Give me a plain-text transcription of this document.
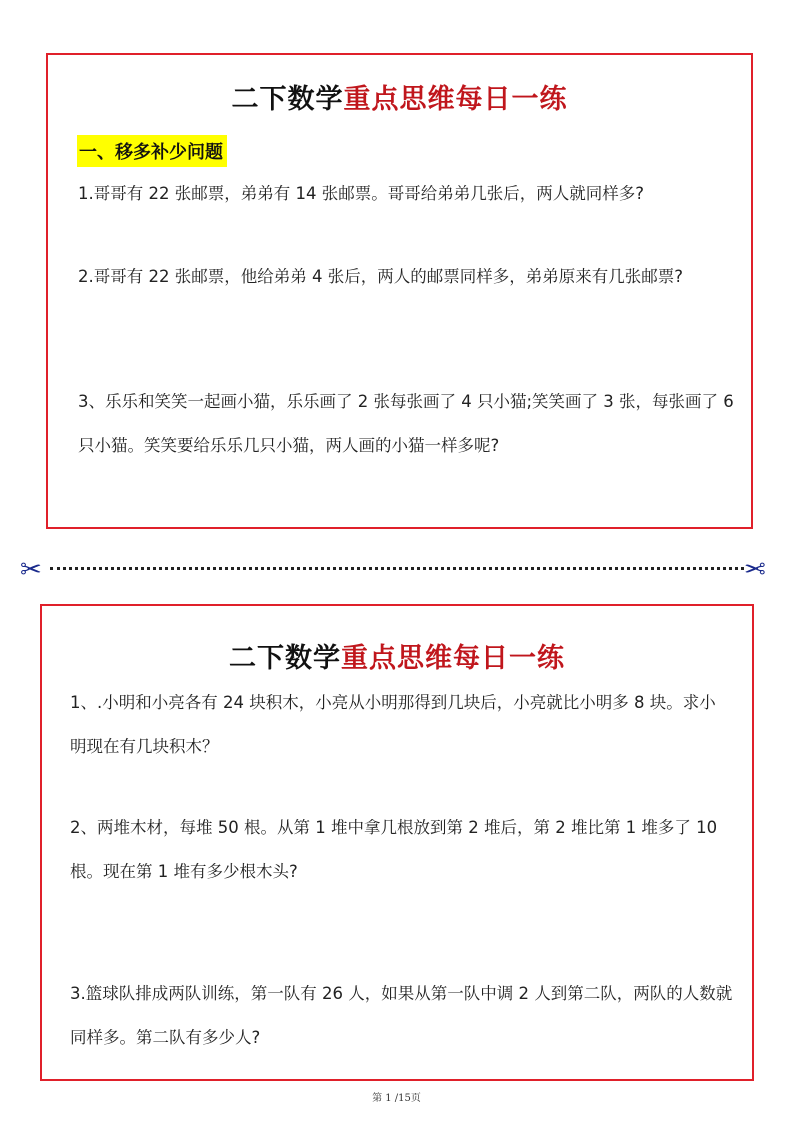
二下数学重点思维每日一练
一、移多补少问题

1.哥哥有 22 张邮票，弟弟有 14 张邮票。哥哥给弟弟几张后，两人就同样多?

2.哥哥有 22 张邮票，他给弟弟 4 张后，两人的邮票同样多，弟弟原来有几张邮票?

3、乐乐和笑笑一起画小猫，乐乐画了 2 张每张画了 4 只小猫;笑笑画了 3 张，每张画了 6 只小猫。笑笑要给乐乐几只小猫，两人画的小猫一样多呢?

✂	✂
二下数学重点思维每日一练

1、.小明和小亮各有 24 块积木，小亮从小明那得到几块后，小亮就比小明多 8 块。求小明现在有几块积木？

2、两堆木材，每堆 50 根。从第 1 堆中拿几根放到第 2 堆后，第 2 堆比第 1 堆多了 10 根。现在第 1 堆有多少根木头?

3.篮球队排成两队训练，第一队有 26 人，如果从第一队中调 2 人到第二队，两队的人数就同样多。第二队有多少人?

第 1 /15页
